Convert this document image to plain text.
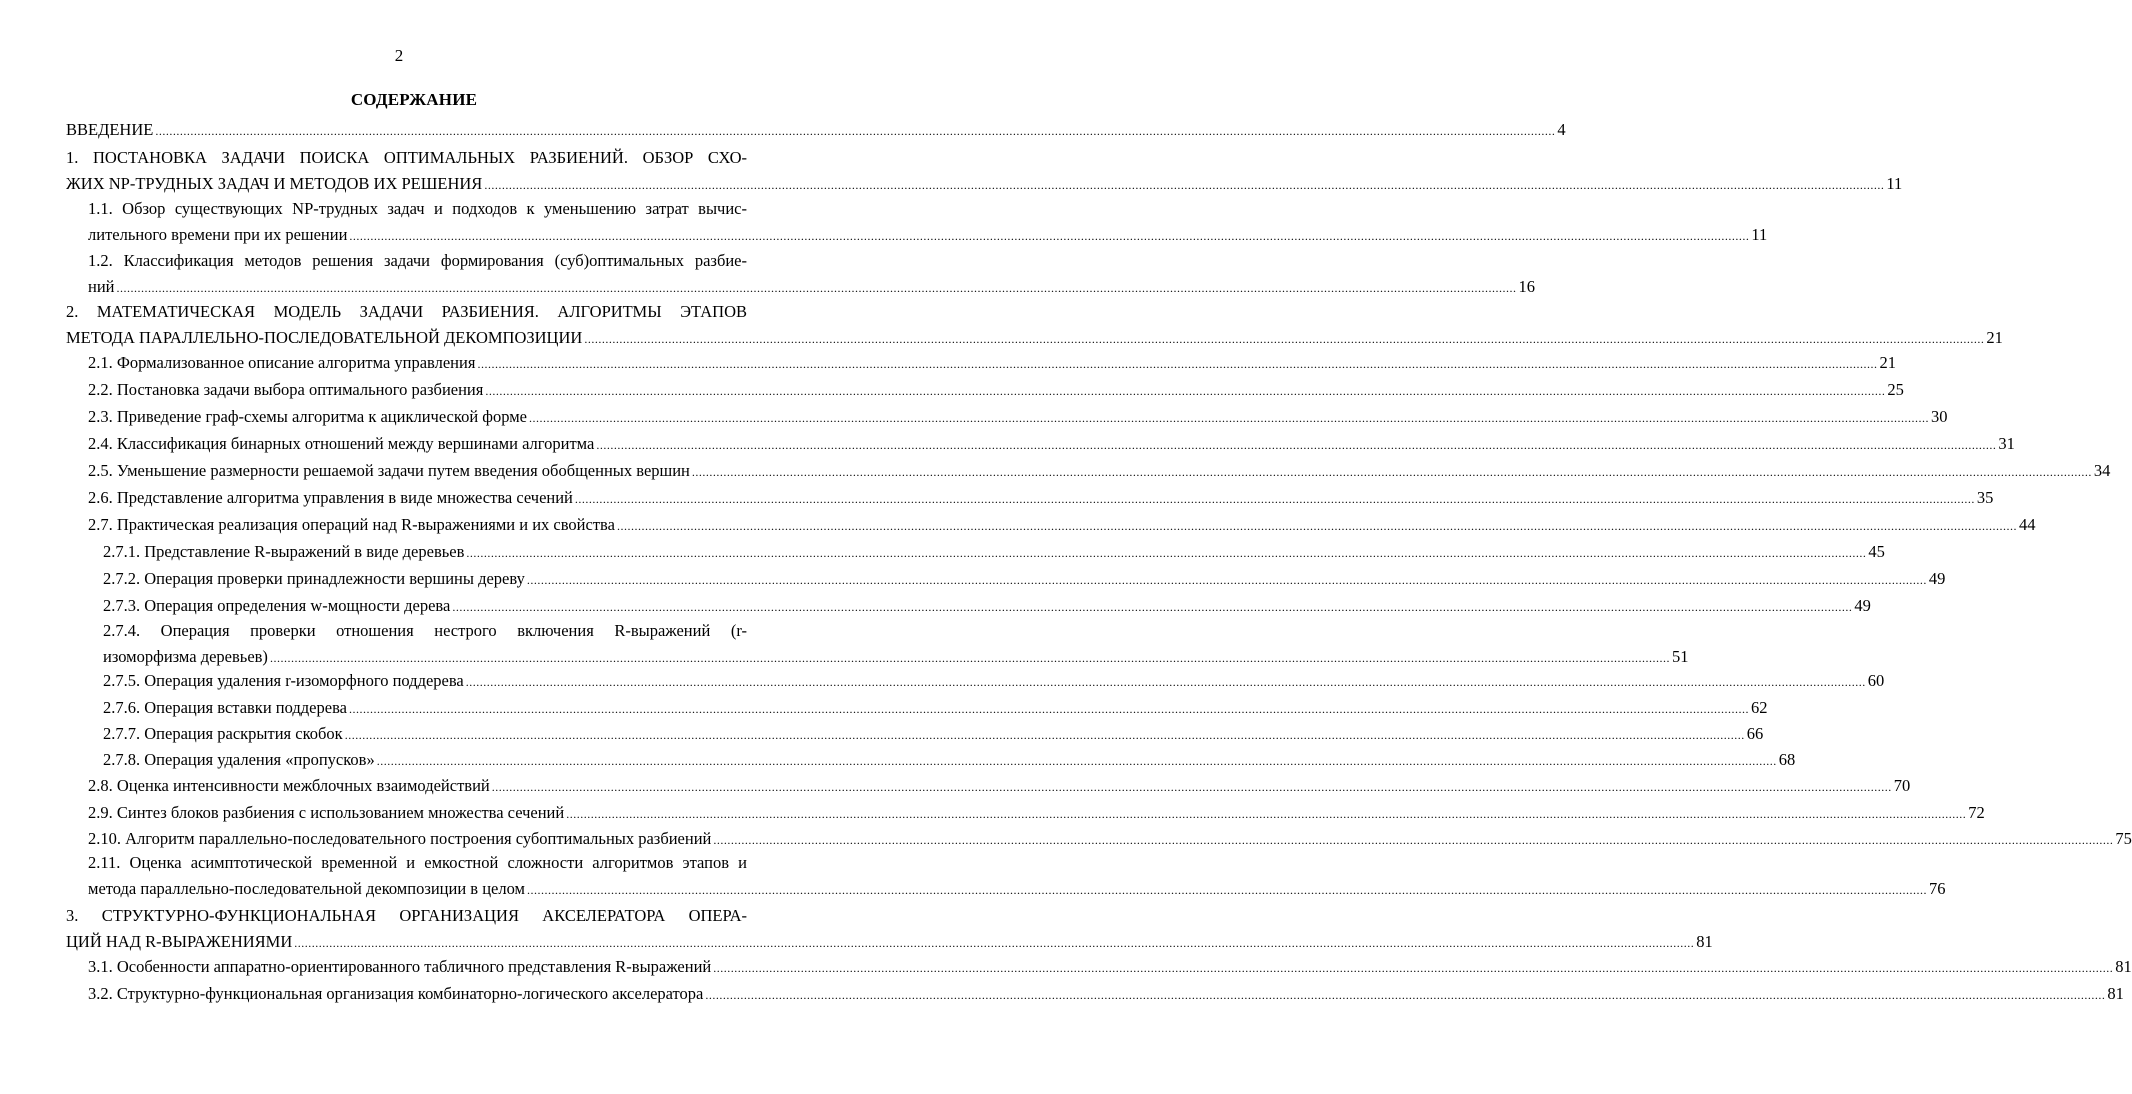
2
СОДЕРЖАНИЕ
ВВЕДЕНИЕ ................................................................................................................................................................................................................................................................................................................................................................................................................ 4
1. ПОСТАНОВКА ЗАДАЧИ ПОИСКА ОПТИМАЛЬНЫХ РАЗБИЕНИЙ. ОБЗОР СХО-
ЖИХ NP-ТРУДНЫХ ЗАДАЧ И МЕТОДОВ ИХ РЕШЕНИЯ ................................................................................................................................................................................................................................................................................................................................................................................................................ 11
1.1. Обзор существующих NP-трудных задач и подходов к уменьшению затрат вычис-
лительного времени при их решении ................................................................................................................................................................................................................................................................................................................................................................................................................ 11
1.2. Классификация методов решения задачи формирования (суб)оптимальных разбие-
ний ................................................................................................................................................................................................................................................................................................................................................................................................................ 16
2. МАТЕМАТИЧЕСКАЯ МОДЕЛЬ ЗАДАЧИ РАЗБИЕНИЯ. АЛГОРИТМЫ ЭТАПОВ
МЕТОДА ПАРАЛЛЕЛЬНО-ПОСЛЕДОВАТЕЛЬНОЙ ДЕКОМПОЗИЦИИ ................................................................................................................................................................................................................................................................................................................................................................................................................ 21
2.1. Формализованное описание алгоритма управления ................................................................................................................................................................................................................................................................................................................................................................................................................ 21
2.2. Постановка задачи выбора оптимального разбиения ................................................................................................................................................................................................................................................................................................................................................................................................................ 25
2.3. Приведение граф-схемы алгоритма к ациклической форме ................................................................................................................................................................................................................................................................................................................................................................................................................ 30
2.4. Классификация бинарных отношений между вершинами алгоритма ................................................................................................................................................................................................................................................................................................................................................................................................................ 31
2.5. Уменьшение размерности решаемой задачи путем введения обобщенных вершин ................................................................................................................................................................................................................................................................................................................................................................................................................ 34
2.6. Представление алгоритма управления в виде множества сечений ................................................................................................................................................................................................................................................................................................................................................................................................................ 35
2.7. Практическая реализация операций над R-выражениями и их свойства ................................................................................................................................................................................................................................................................................................................................................................................................................ 44
2.7.1. Представление R-выражений в виде деревьев ................................................................................................................................................................................................................................................................................................................................................................................................................ 45
2.7.2. Операция проверки принадлежности вершины дереву ................................................................................................................................................................................................................................................................................................................................................................................................................ 49
2.7.3. Операция определения w-мощности дерева ................................................................................................................................................................................................................................................................................................................................................................................................................ 49
2.7.4. Операция проверки отношения нестрого включения R-выражений (r-
изоморфизма деревьев) ................................................................................................................................................................................................................................................................................................................................................................................................................ 51
2.7.5. Операция удаления r-изоморфного поддерева ................................................................................................................................................................................................................................................................................................................................................................................................................ 60
2.7.6. Операция вставки поддерева ................................................................................................................................................................................................................................................................................................................................................................................................................ 62
2.7.7. Операция раскрытия скобок ................................................................................................................................................................................................................................................................................................................................................................................................................ 66
2.7.8. Операция удаления «пропусков» ................................................................................................................................................................................................................................................................................................................................................................................................................ 68
2.8. Оценка интенсивности межблочных взаимодействий ................................................................................................................................................................................................................................................................................................................................................................................................................ 70
2.9. Синтез блоков разбиения с использованием множества сечений ................................................................................................................................................................................................................................................................................................................................................................................................................ 72
2.10. Алгоритм параллельно-последовательного построения субоптимальных разбиений ................................................................................................................................................................................................................................................................................................................................................................................................................ 75
2.11. Оценка асимптотической временной и емкостной сложности алгоритмов этапов и
метода параллельно-последовательной декомпозиции в целом ................................................................................................................................................................................................................................................................................................................................................................................................................ 76
3. СТРУКТУРНО-ФУНКЦИОНАЛЬНАЯ ОРГАНИЗАЦИЯ АКСЕЛЕРАТОРА ОПЕРА-
ЦИЙ НАД R-ВЫРАЖЕНИЯМИ ................................................................................................................................................................................................................................................................................................................................................................................................................ 81
3.1. Особенности аппаратно-ориентированного табличного представления R-выражений ................................................................................................................................................................................................................................................................................................................................................................................................................ 81
3.2. Структурно-функциональная организация комбинаторно-логического акселератора ................................................................................................................................................................................................................................................................................................................................................................................................................ 81
